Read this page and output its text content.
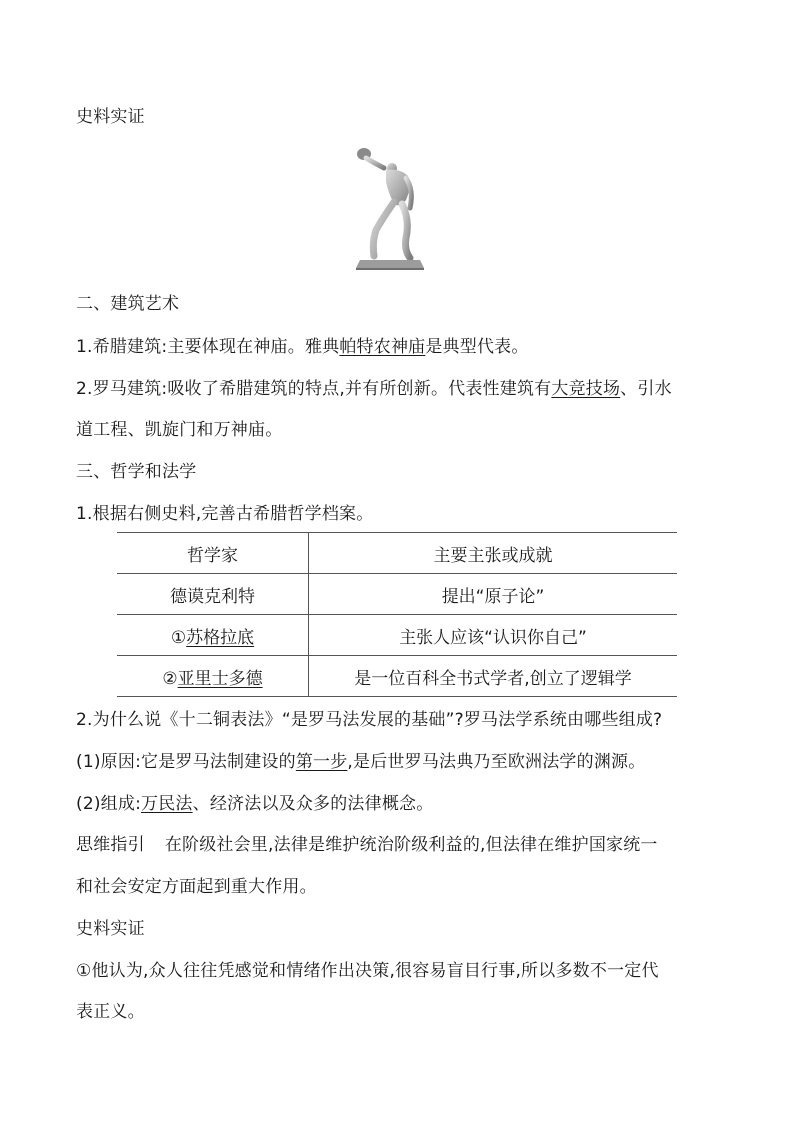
史料实证
二、建筑艺术
1.希腊建筑:主要体现在神庙。雅典帕特农神庙是典型代表。
2.罗马建筑:吸收了希腊建筑的特点,并有所创新。代表性建筑有大竞技场、引水
道工程、凯旋门和万神庙。
三、哲学和法学
1.根据右侧史料,完善古希腊哲学档案。
哲学家	主要主张或成就
德谟克利特	提出“原子论”
①苏格拉底	主张人应该“认识你自己”
②亚里士多德	是一位百科全书式学者,创立了逻辑学
2.为什么说《十二铜表法》“是罗马法发展的基础”?罗马法学系统由哪些组成?
(1)原因:它是罗马法制建设的第一步,是后世罗马法典乃至欧洲法学的渊源。
(2)组成:万民法、经济法以及众多的法律概念。
思维指引 在阶级社会里,法律是维护统治阶级利益的,但法律在维护国家统一
和社会安定方面起到重大作用。
史料实证
①他认为,众人往往凭感觉和情绪作出决策,很容易盲目行事,所以多数不一定代
表正义。
